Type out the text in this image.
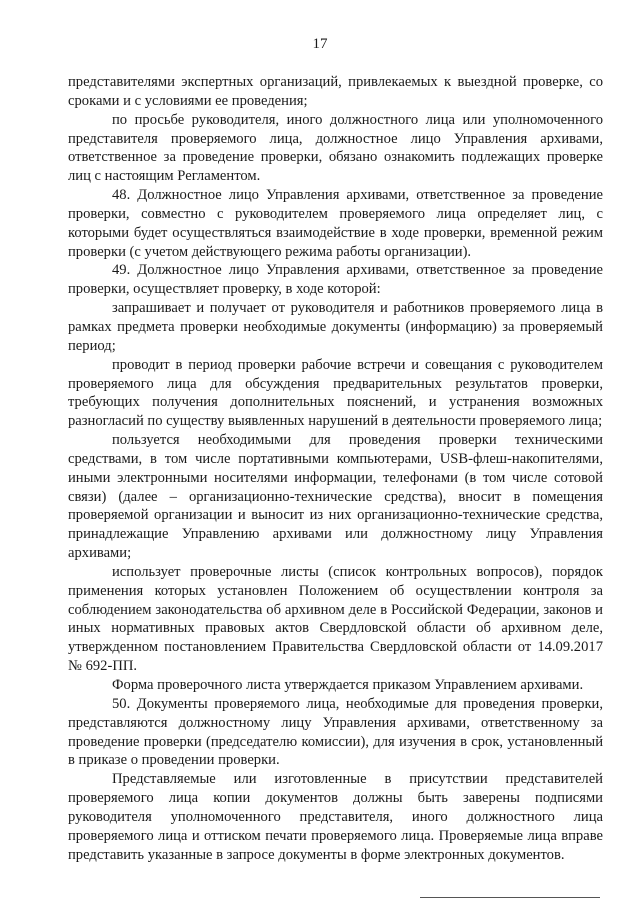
17

представителями экспертных организаций, привлекаемых к выездной проверке, со сроками и с условиями ее проведения;

по просьбе руководителя, иного должностного лица или уполномоченного представителя проверяемого лица, должностное лицо Управления архивами, ответственное за проведение проверки, обязано ознакомить подлежащих проверке лиц с настоящим Регламентом.

48. Должностное лицо Управления архивами, ответственное за проведение проверки, совместно с руководителем проверяемого лица определяет лиц, с которыми будет осуществляться взаимодействие в ходе проверки, временной режим проверки (с учетом действующего режима работы организации).

49. Должностное лицо Управления архивами, ответственное за проведение проверки, осуществляет проверку, в ходе которой:

запрашивает и получает от руководителя и работников проверяемого лица в рамках предмета проверки необходимые документы (информацию) за проверяемый период;

проводит в период проверки рабочие встречи и совещания с руководителем проверяемого лица для обсуждения предварительных результатов проверки, требующих получения дополнительных пояснений, и устранения возможных разногласий по существу выявленных нарушений в деятельности проверяемого лица;

пользуется необходимыми для проведения проверки техническими средствами, в том числе портативными компьютерами, USB-флеш-накопителями, иными электронными носителями информации, телефонами (в том числе сотовой связи) (далее – организационно-технические средства), вносит в помещения проверяемой организации и выносит из них организационно-технические средства, принадлежащие Управлению архивами или должностному лицу Управления архивами;

использует проверочные листы (список контрольных вопросов), порядок применения которых установлен Положением об осуществлении контроля за соблюдением законодательства об архивном деле в Российской Федерации, законов и иных нормативных правовых актов Свердловской области об архивном деле, утвержденном постановлением Правительства Свердловской области от 14.09.2017 № 692-ПП.

Форма проверочного листа утверждается приказом Управлением архивами.

50. Документы проверяемого лица, необходимые для проведения проверки, представляются должностному лицу Управления архивами, ответственному за проведение проверки (председателю комиссии), для изучения в срок, установленный в приказе о проведении проверки.

Представляемые или изготовленные в присутствии представителей проверяемого лица копии документов должны быть заверены подписями руководителя уполномоченного представителя, иного должностного лица проверяемого лица и оттиском печати проверяемого лица. Проверяемые лица вправе представить указанные в запросе документы в форме электронных документов.
